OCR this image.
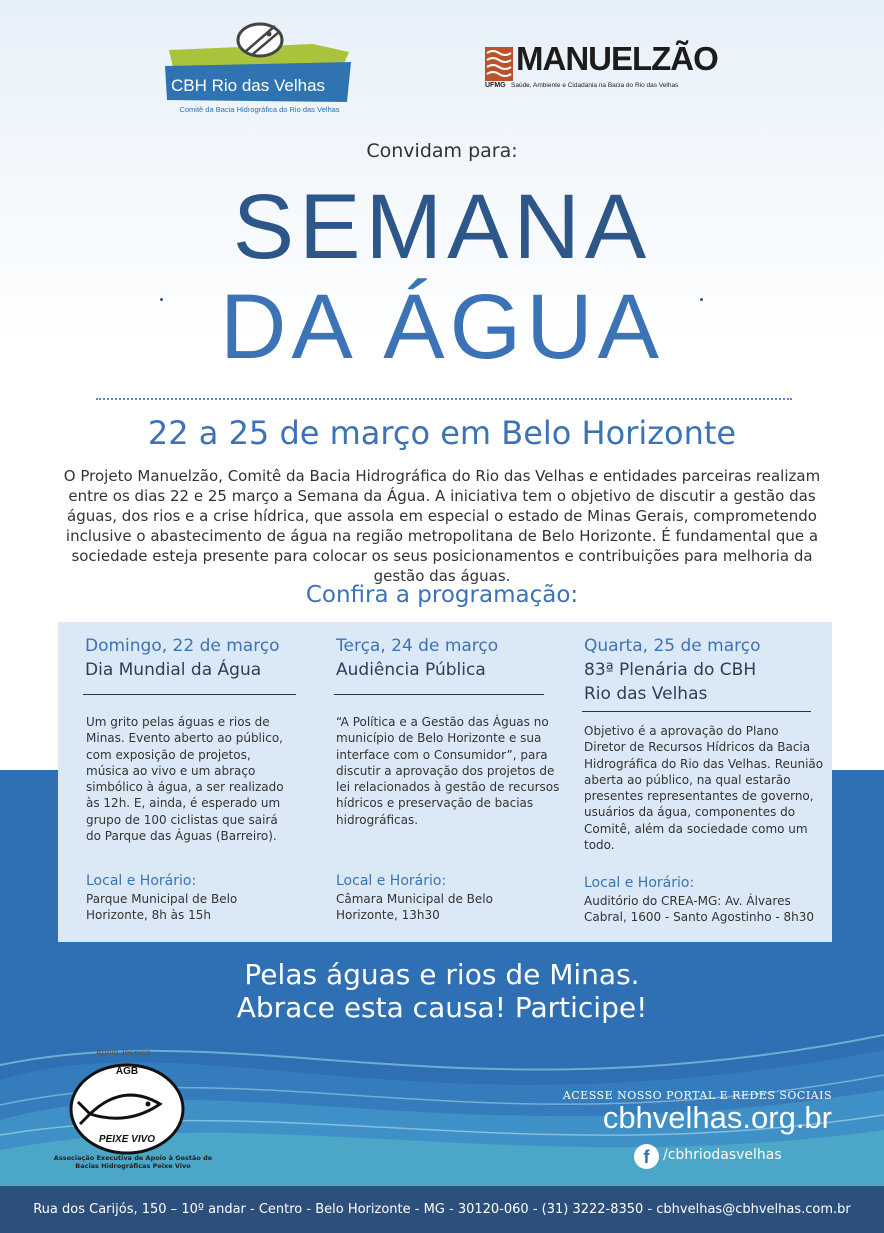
CBH Rio das Velhas
Comitê da Bacia Hidrográfica do Rio das Velhas
MANUELZÃO
UFMG Saúde, Ambiente e Cidadania na Bacia do Rio das Velhas
Convidam para:
SEMANA
DA ÁGUA
22 a 25 de março em Belo Horizonte
O Projeto Manuelzão, Comitê da Bacia Hidrográfica do Rio das Velhas e entidades parceiras realizam entre os dias 22 e 25 março a Semana da Água. A iniciativa tem o objetivo de discutir a gestão das águas, dos rios e a crise hídrica, que assola em especial o estado de Minas Gerais, comprometendo inclusive o abastecimento de água na região metropolitana de Belo Horizonte. É fundamental que a sociedade esteja presente para colocar os seus posicionamentos e contribuições para melhoria da gestão das águas.
Confira a programação:
Domingo, 22 de março
Dia Mundial da Água
Um grito pelas águas e rios de Minas. Evento aberto ao público, com exposição de projetos, música ao vivo e um abraço simbólico à água, a ser realizado às 12h. E, ainda, é esperado um grupo de 100 ciclistas que sairá do Parque das Águas (Barreiro).
Local e Horário:
Parque Municipal de Belo Horizonte, 8h às 15h
Terça, 24 de março
Audiência Pública
“A Política e a Gestão das Águas no município de Belo Horizonte e sua interface com o Consumidor”, para discutir a aprovação dos projetos de lei relacionados à gestão de recursos hídricos e preservação de bacias hidrográficas.
Local e Horário:
Câmara Municipal de Belo Horizonte, 13h30
Quarta, 25 de março
83ª Plenária do CBH Rio das Velhas
Objetivo é a aprovação do Plano Diretor de Recursos Hídricos da Bacia Hidrográfica do Rio das Velhas. Reunião aberta ao público, na qual estarão presentes representantes de governo, usuários da água, componentes do Comitê, além da sociedade como um todo.
Local e Horário:
Auditório do CREA-MG: Av. Álvares Cabral, 1600 - Santo Agostinho - 8h30
Pelas águas e rios de Minas.
Abrace esta causa! Participe!
Apoio Técnico
AGB
PEIXE VIVO
Associação Executiva de Apoio à Gestão de Bacias Hidrográficas Peixe Vivo
ACESSE NOSSO PORTAL E REDES SOCIAIS
cbhvelhas.org.br
f /cbhriodasvelhas
Rua dos Carijós, 150 – 10º andar - Centro - Belo Horizonte - MG - 30120-060 - (31) 3222-8350 - cbhvelhas@cbhvelhas.com.br
